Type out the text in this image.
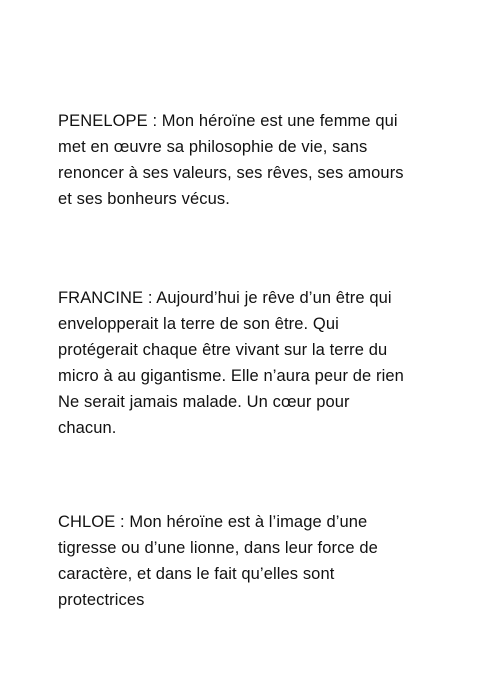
PENELOPE : Mon héroïne est une femme qui
met en œuvre sa philosophie de vie, sans
renoncer à ses valeurs, ses rêves, ses amours
et ses bonheurs vécus.

FRANCINE : Aujourd’hui je rêve d’un être qui
envelopperait la terre de son être. Qui
protégerait chaque être vivant sur la terre du
micro à au gigantisme. Elle n’aura peur de rien
Ne serait jamais malade. Un cœur pour
chacun.

CHLOE : Mon héroïne est à l’image d’une
tigresse ou d’une lionne, dans leur force de
caractère, et dans le fait qu’elles sont
protectrices
